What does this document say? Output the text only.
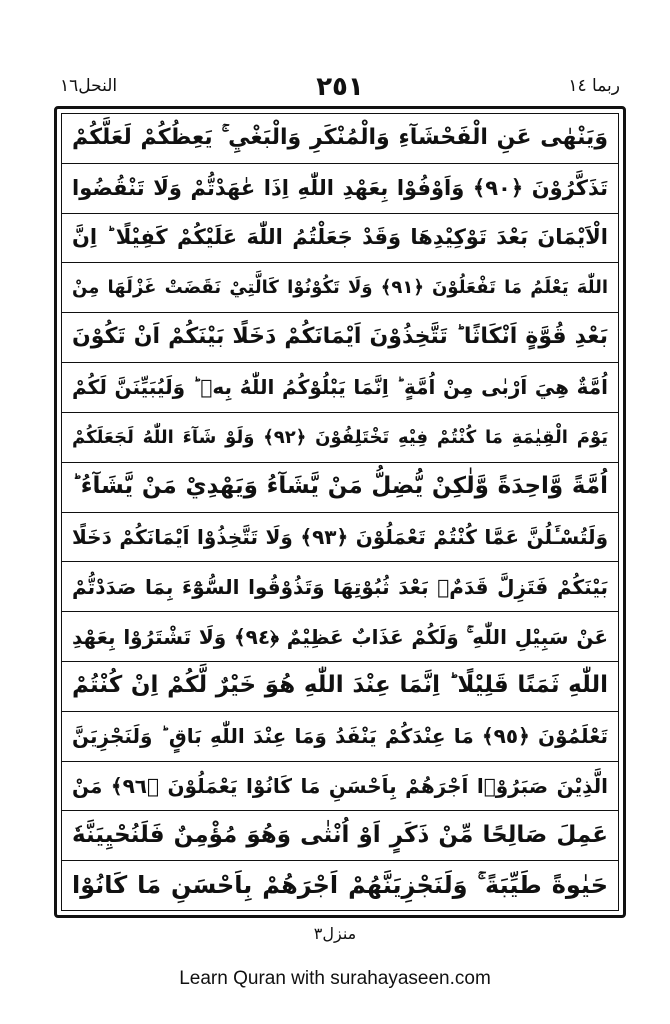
النحل١٦	٢٥١	ربما ١٤
وَيَنْهٰى عَنِ الْفَحْشَآءِ وَالْمُنْكَرِ وَالْبَغْيِ ۚ يَعِظُكُمْ لَعَلَّكُمْ
تَذَكَّرُوْنَ ﴿٩٠﴾ وَاَوْفُوْا بِعَهْدِ اللّٰهِ اِذَا عٰهَدْتُّمْ وَلَا تَنْقُضُوا
الْاَيْمَانَ بَعْدَ تَوْكِيْدِهَا وَقَدْ جَعَلْتُمُ اللّٰهَ عَلَيْكُمْ كَفِيْلًا ؕ اِنَّ
اللّٰهَ يَعْلَمُ مَا تَفْعَلُوْنَ ﴿٩١﴾ وَلَا تَكُوْنُوْا كَالَّتِيْ نَقَضَتْ غَزْلَهَا مِنْ
بَعْدِ قُوَّةٍ اَنْكَاثًا ؕ تَتَّخِذُوْنَ اَيْمَانَكُمْ دَخَلًا بَيْنَكُمْ اَنْ تَكُوْنَ
اُمَّةٌ هِيَ اَرْبٰى مِنْ اُمَّةٍ ؕ اِنَّمَا يَبْلُوْكُمُ اللّٰهُ بِهٖ ؕ وَلَيُبَيِّنَنَّ لَكُمْ
يَوْمَ الْقِيٰمَةِ مَا كُنْتُمْ فِيْهِ تَخْتَلِفُوْنَ ﴿٩٢﴾ وَلَوْ شَآءَ اللّٰهُ لَجَعَلَكُمْ
اُمَّةً وَّاحِدَةً وَّلٰكِنْ يُّضِلُّ مَنْ يَّشَآءُ وَيَهْدِيْ مَنْ يَّشَآءُ ؕ
وَلَتُسْـَٔلُنَّ عَمَّا كُنْتُمْ تَعْمَلُوْنَ ﴿٩٣﴾ وَلَا تَتَّخِذُوْا اَيْمَانَكُمْ دَخَلًا
بَيْنَكُمْ فَتَزِلَّ قَدَمٌۢ بَعْدَ ثُبُوْتِهَا وَتَذُوْقُوا السُّوْٓءَ بِمَا صَدَدْتُّمْ
عَنْ سَبِيْلِ اللّٰهِ ۚ وَلَكُمْ عَذَابٌ عَظِيْمٌ ﴿٩٤﴾ وَلَا تَشْتَرُوْا بِعَهْدِ
اللّٰهِ ثَمَنًا قَلِيْلًا ؕ اِنَّمَا عِنْدَ اللّٰهِ هُوَ خَيْرٌ لَّكُمْ اِنْ كُنْتُمْ
تَعْلَمُوْنَ ﴿٩٥﴾ مَا عِنْدَكُمْ يَنْفَدُ وَمَا عِنْدَ اللّٰهِ بَاقٍ ؕ وَلَنَجْزِيَنَّ
الَّذِيْنَ صَبَرُوْۤا اَجْرَهُمْ بِاَحْسَنِ مَا كَانُوْا يَعْمَلُوْنَ ﴿٩٦﴾ مَنْ
عَمِلَ صَالِحًا مِّنْ ذَكَرٍ اَوْ اُنْثٰى وَهُوَ مُؤْمِنٌ فَلَنُحْيِيَنَّهٗ
حَيٰوةً طَيِّبَةً ۚ وَلَنَجْزِيَنَّهُمْ اَجْرَهُمْ بِاَحْسَنِ مَا كَانُوْا
منزل٣
Learn Quran with surahayaseen.com
